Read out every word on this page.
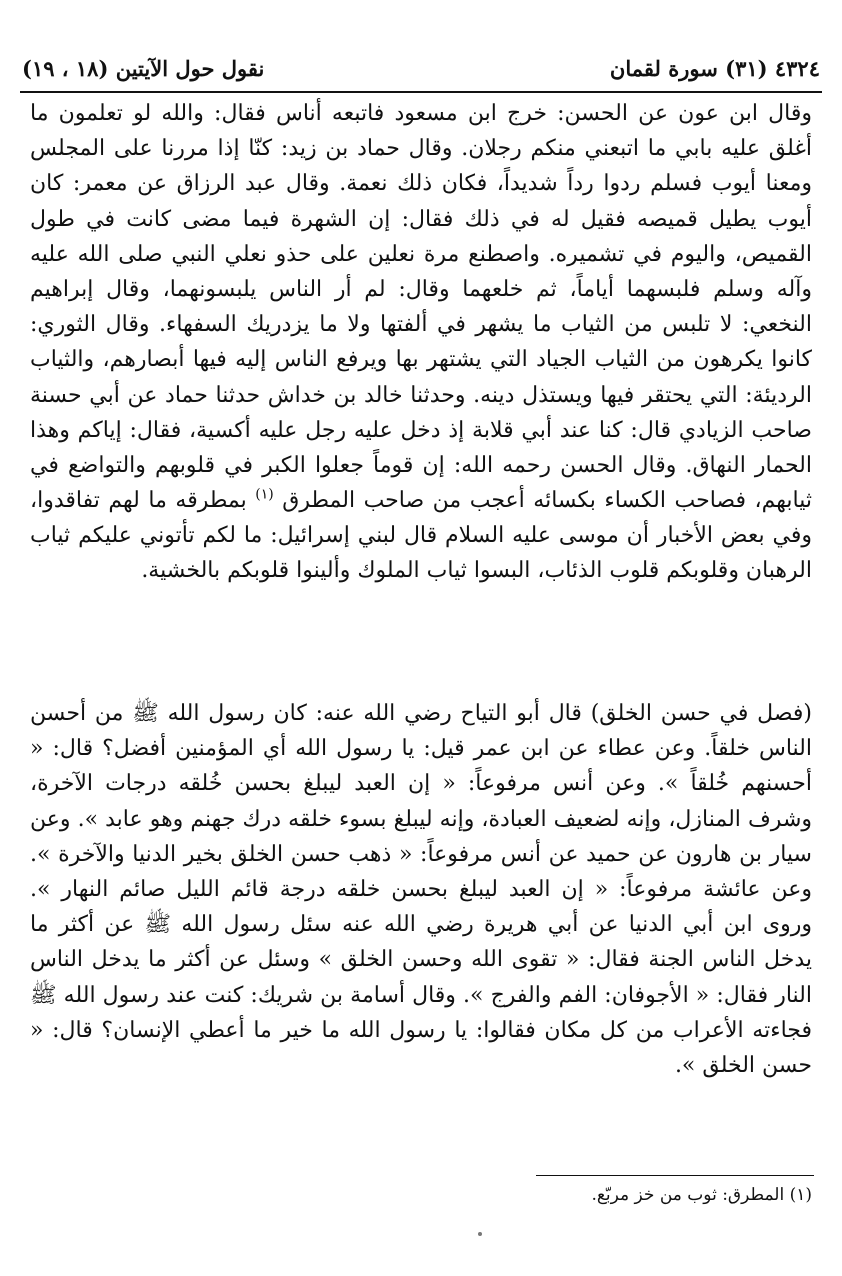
٤٣٢٤ (٣١) سورة لقمان
نقول حول الآيتين (١٨ ، ١٩)
وقال ابن عون عن الحسن: خرج ابن مسعود فاتبعه أناس فقال: والله لو تعلمون ما أغلق عليه بابي ما اتبعني منكم رجلان. وقال حماد بن زيد: كنّا إذا مررنا على المجلس ومعنا أيوب فسلم ردوا رداً شديداً، فكان ذلك نعمة. وقال عبد الرزاق عن معمر: كان أيوب يطيل قميصه فقيل له في ذلك فقال: إن الشهرة فيما مضى كانت في طول القميص، واليوم في تشميره. واصطنع مرة نعلين على حذو نعلي النبي صلى الله عليه وآله وسلم فلبسهما أياماً، ثم خلعهما وقال: لم أر الناس يلبسونهما، وقال إبراهيم النخعي: لا تلبس من الثياب ما يشهر في ألفتها ولا ما يزدريك السفهاء. وقال الثوري: كانوا يكرهون من الثياب الجياد التي يشتهر بها ويرفع الناس إليه فيها أبصارهم، والثياب الرديئة: التي يحتقر فيها ويستذل دينه. وحدثنا خالد بن خداش حدثنا حماد عن أبي حسنة صاحب الزيادي قال: كنا عند أبي قلابة إذ دخل عليه رجل عليه أكسية، فقال: إياكم وهذا الحمار النهاق. وقال الحسن رحمه الله: إن قوماً جعلوا الكبر في قلوبهم والتواضع في ثيابهم، فصاحب الكساء بكسائه أعجب من صاحب المطرق $^{(١)}$ بمطرقه ما لهم تفاقدوا، وفي بعض الأخبار أن موسى عليه السلام قال لبني إسرائيل: ما لكم تأتوني عليكم ثياب الرهبان وقلوبكم قلوب الذئاب، البسوا ثياب الملوك وألينوا قلوبكم بالخشية.
(فصل في حسن الخلق) قال أبو التياح رضي الله عنه: كان رسول الله ﷺ من أحسن الناس خلقاً. وعن عطاء عن ابن عمر قيل: يا رسول الله أي المؤمنين أفضل؟ قال: « أحسنهم خُلقاً ». وعن أنس مرفوعاً: « إن العبد ليبلغ بحسن خُلقه درجات الآخرة، وشرف المنازل، وإنه لضعيف العبادة، وإنه ليبلغ بسوء خلقه درك جهنم وهو عابد ». وعن سيار بن هارون عن حميد عن أنس مرفوعاً: « ذهب حسن الخلق بخير الدنيا والآخرة ». وعن عائشة مرفوعاً: « إن العبد ليبلغ بحسن خلقه درجة قائم الليل صائم النهار ». وروى ابن أبي الدنيا عن أبي هريرة رضي الله عنه سئل رسول الله ﷺ عن أكثر ما يدخل الناس الجنة فقال: « تقوى الله وحسن الخلق » وسئل عن أكثر ما يدخل الناس النار فقال: « الأجوفان: الفم والفرج ». وقال أسامة بن شريك: كنت عند رسول الله ﷺ فجاءته الأعراب من كل مكان فقالوا: يا رسول الله ما خير ما أعطي الإنسان؟ قال: « حسن الخلق ».
(١) المطرق: ثوب من خز مربّع.
